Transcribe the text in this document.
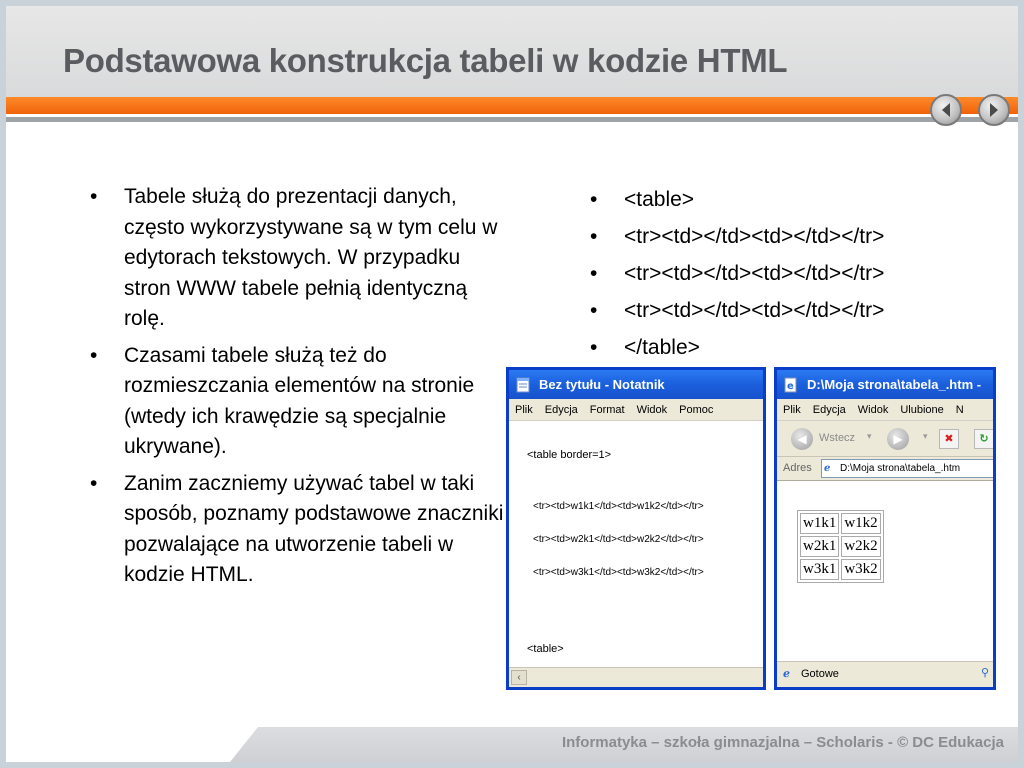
Podstawowa konstrukcja tabeli w kodzie HTML
• Tabele służą do prezentacji danych, często wykorzystywane są w tym celu w edytorach tekstowych. W przypadku stron WWW tabele pełnią identyczną rolę.
• Czasami tabele służą też do rozmieszczania elementów na stronie (wtedy ich krawędzie są specjalnie ukrywane).
• Zanim zaczniemy używać tabel w taki sposób, poznamy podstawowe znaczniki pozwalające na utworzenie tabeli w kodzie HTML.
• <table>
• <tr><td></td><td></td></tr>
• <tr><td></td><td></td></tr>
• <tr><td></td><td></td></tr>
• </table>
Bez tytułu - Notatnik
Plik	Edycja	Format	Widok	Pomoc
<table border=1>
<tr><td>w1k1</td><td>w1k2</td></tr>
<tr><td>w2k1</td><td>w2k2</td></tr>
<tr><td>w3k1</td><td>w3k2</td></tr>
<table>
‹
e D:\Moja strona\tabela_.htm -
Plik	Edycja	Widok	Ulubione	N
◀ Wstecz ▾ ▶ ▾	✖	↻
Adres ℯ D:\Moja strona\tabela_.htm
w1k1	w1k2
w2k1	w2k2
w3k1	w3k2
ℯ Gotowe	⚲
Informatyka – szkoła gimnazjalna – Scholaris - © DC Edukacja
